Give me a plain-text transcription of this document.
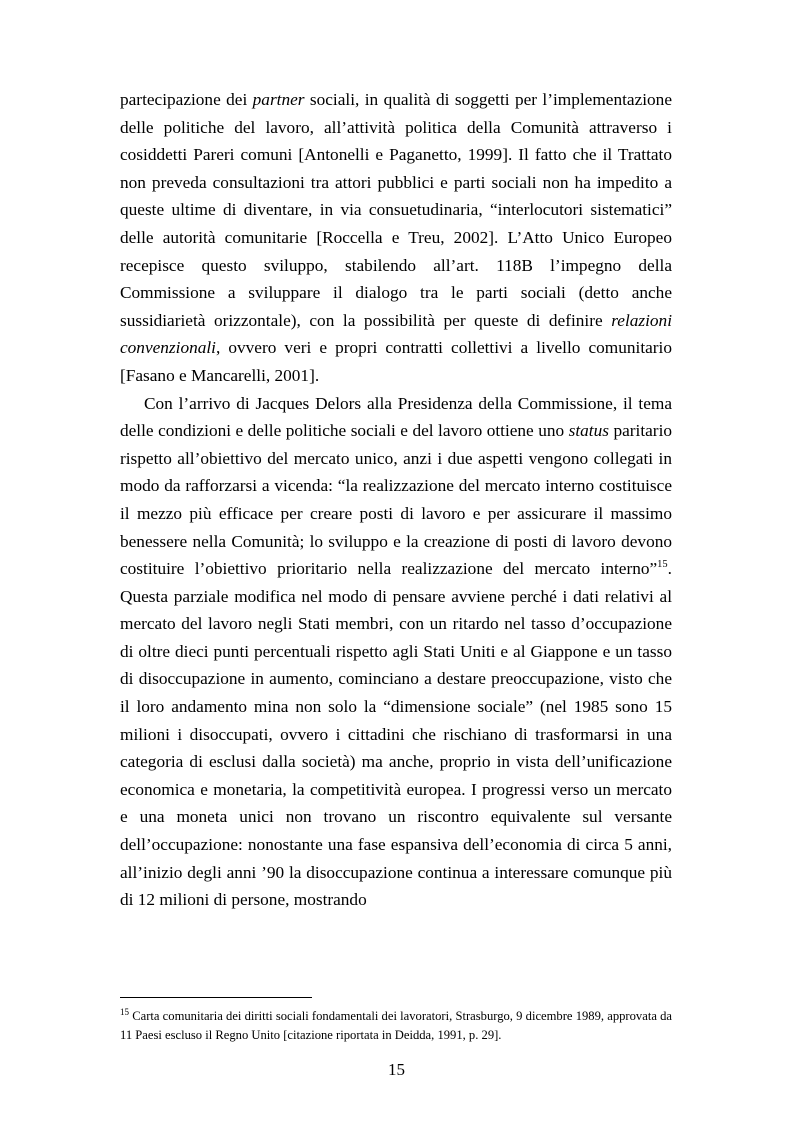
partecipazione dei partner sociali, in qualità di soggetti per l’implementazione delle politiche del lavoro, all’attività politica della Comunità attraverso i cosiddetti Pareri comuni [Antonelli e Paganetto, 1999]. Il fatto che il Trattato non preveda consultazioni tra attori pubblici e parti sociali non ha impedito a queste ultime di diventare, in via consuetudinaria, “interlocutori sistematici” delle autorità comunitarie [Roccella e Treu, 2002]. L’Atto Unico Europeo recepisce questo sviluppo, stabilendo all’art. 118B l’impegno della Commissione a sviluppare il dialogo tra le parti sociali (detto anche sussidiarietà orizzontale), con la possibilità per queste di definire relazioni convenzionali, ovvero veri e propri contratti collettivi a livello comunitario [Fasano e Mancarelli, 2001].

Con l’arrivo di Jacques Delors alla Presidenza della Commissione, il tema delle condizioni e delle politiche sociali e del lavoro ottiene uno status paritario rispetto all’obiettivo del mercato unico, anzi i due aspetti vengono collegati in modo da rafforzarsi a vicenda: “la realizzazione del mercato interno costituisce il mezzo più efficace per creare posti di lavoro e per assicurare il massimo benessere nella Comunità; lo sviluppo e la creazione di posti di lavoro devono costituire l’obiettivo prioritario nella realizzazione del mercato interno”$^{15}$. Questa parziale modifica nel modo di pensare avviene perché i dati relativi al mercato del lavoro negli Stati membri, con un ritardo nel tasso d’occupazione di oltre dieci punti percentuali rispetto agli Stati Uniti e al Giappone e un tasso di disoccupazione in aumento, cominciano a destare preoccupazione, visto che il loro andamento mina non solo la “dimensione sociale” (nel 1985 sono 15 milioni i disoccupati, ovvero i cittadini che rischiano di trasformarsi in una categoria di esclusi dalla società) ma anche, proprio in vista dell’unificazione economica e monetaria, la competitività europea. I progressi verso un mercato e una moneta unici non trovano un riscontro equivalente sul versante dell’occupazione: nonostante una fase espansiva dell’economia di circa 5 anni, all’inizio degli anni ’90 la disoccupazione continua a interessare comunque più di 12 milioni di persone, mostrando

$^{15}$ Carta comunitaria dei diritti sociali fondamentali dei lavoratori, Strasburgo, 9 dicembre 1989, approvata da 11 Paesi escluso il Regno Unito [citazione riportata in Deidda, 1991, p. 29].

15
